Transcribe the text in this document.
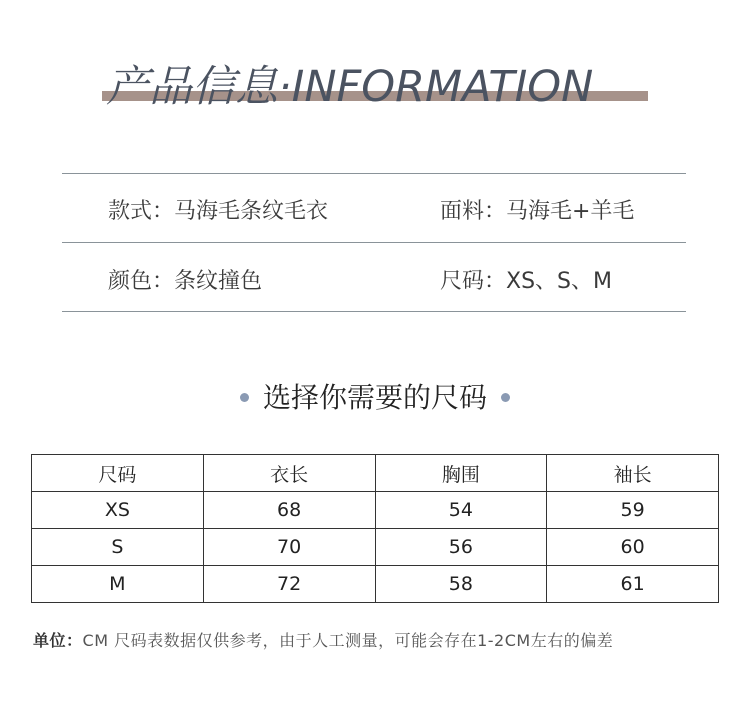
产品信息·INFORMATION
款式：马海毛条纹毛衣	面料：马海毛+羊毛
颜色：条纹撞色	尺码：XS、S、M
选择你需要的尺码
尺码	衣长	胸围	袖长
XS	68	54	59
S	70	56	60
M	72	58	61
单位：CM 尺码表数据仅供参考，由于人工测量，可能会存在1-2CM左右的偏差
